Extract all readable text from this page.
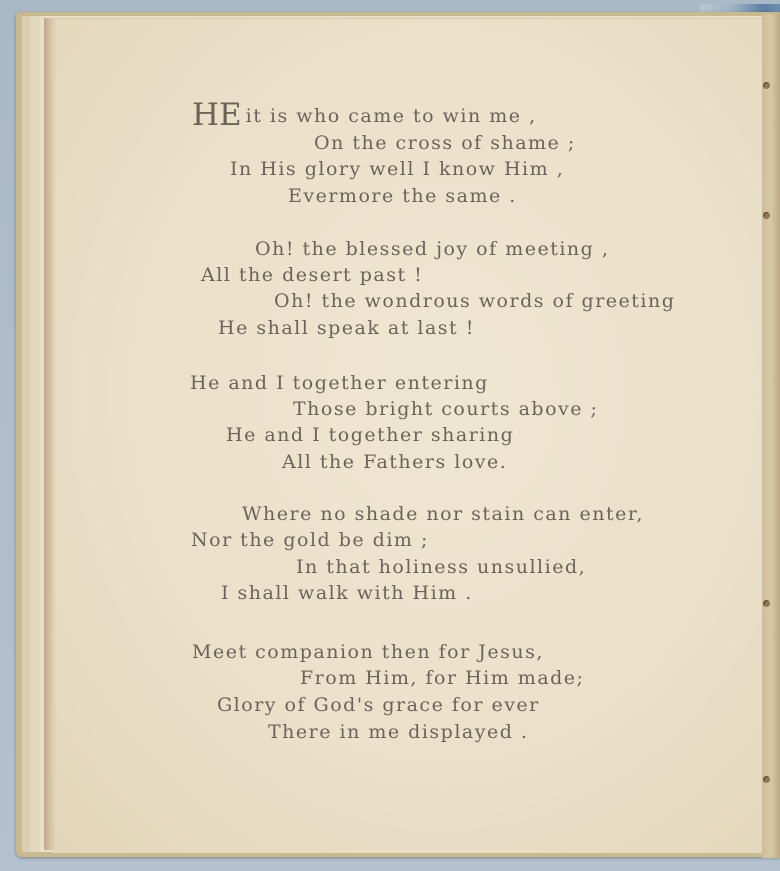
HE it is who came to win me ,

On the cross of shame ;

In His glory well I know Him ,

Evermore the same .

Oh! the blessed joy of meeting ,

All the desert past !

Oh! the wondrous words of greeting

He shall speak at last !

He and I together entering

Those bright courts above ;

He and I together sharing

All the Fathers love.

Where no shade nor stain can enter,

Nor the gold be dim ;

In that holiness unsullied,

I shall walk with Him .

Meet companion then for Jesus,

From Him, for Him made;

Glory of God's grace for ever

There in me displayed .
